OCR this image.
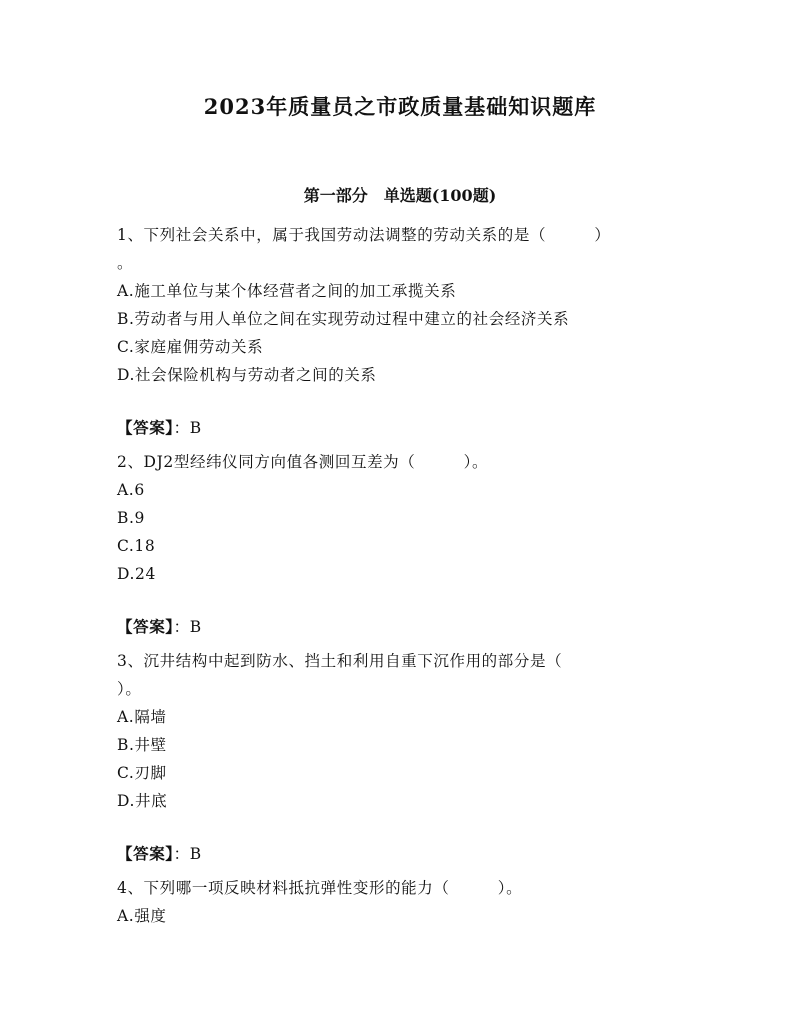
2023年质量员之市政质量基础知识题库
第一部分　单选题(100题)
1、下列社会关系中，属于我国劳动法调整的劳动关系的是（　　　）
。
A.施工单位与某个体经营者之间的加工承揽关系
B.劳动者与用人单位之间在实现劳动过程中建立的社会经济关系
C.家庭雇佣劳动关系
D.社会保险机构与劳动者之间的关系
【答案】：B
2、DJ2型经纬仪同方向值各测回互差为（　　　）。
A.6
B.9
C.18
D.24
【答案】：B
3、沉井结构中起到防水、挡土和利用自重下沉作用的部分是（
）。
A.隔墙
B.井壁
C.刃脚
D.井底
【答案】：B
4、下列哪一项反映材料抵抗弹性变形的能力（　　　）。
A.强度
